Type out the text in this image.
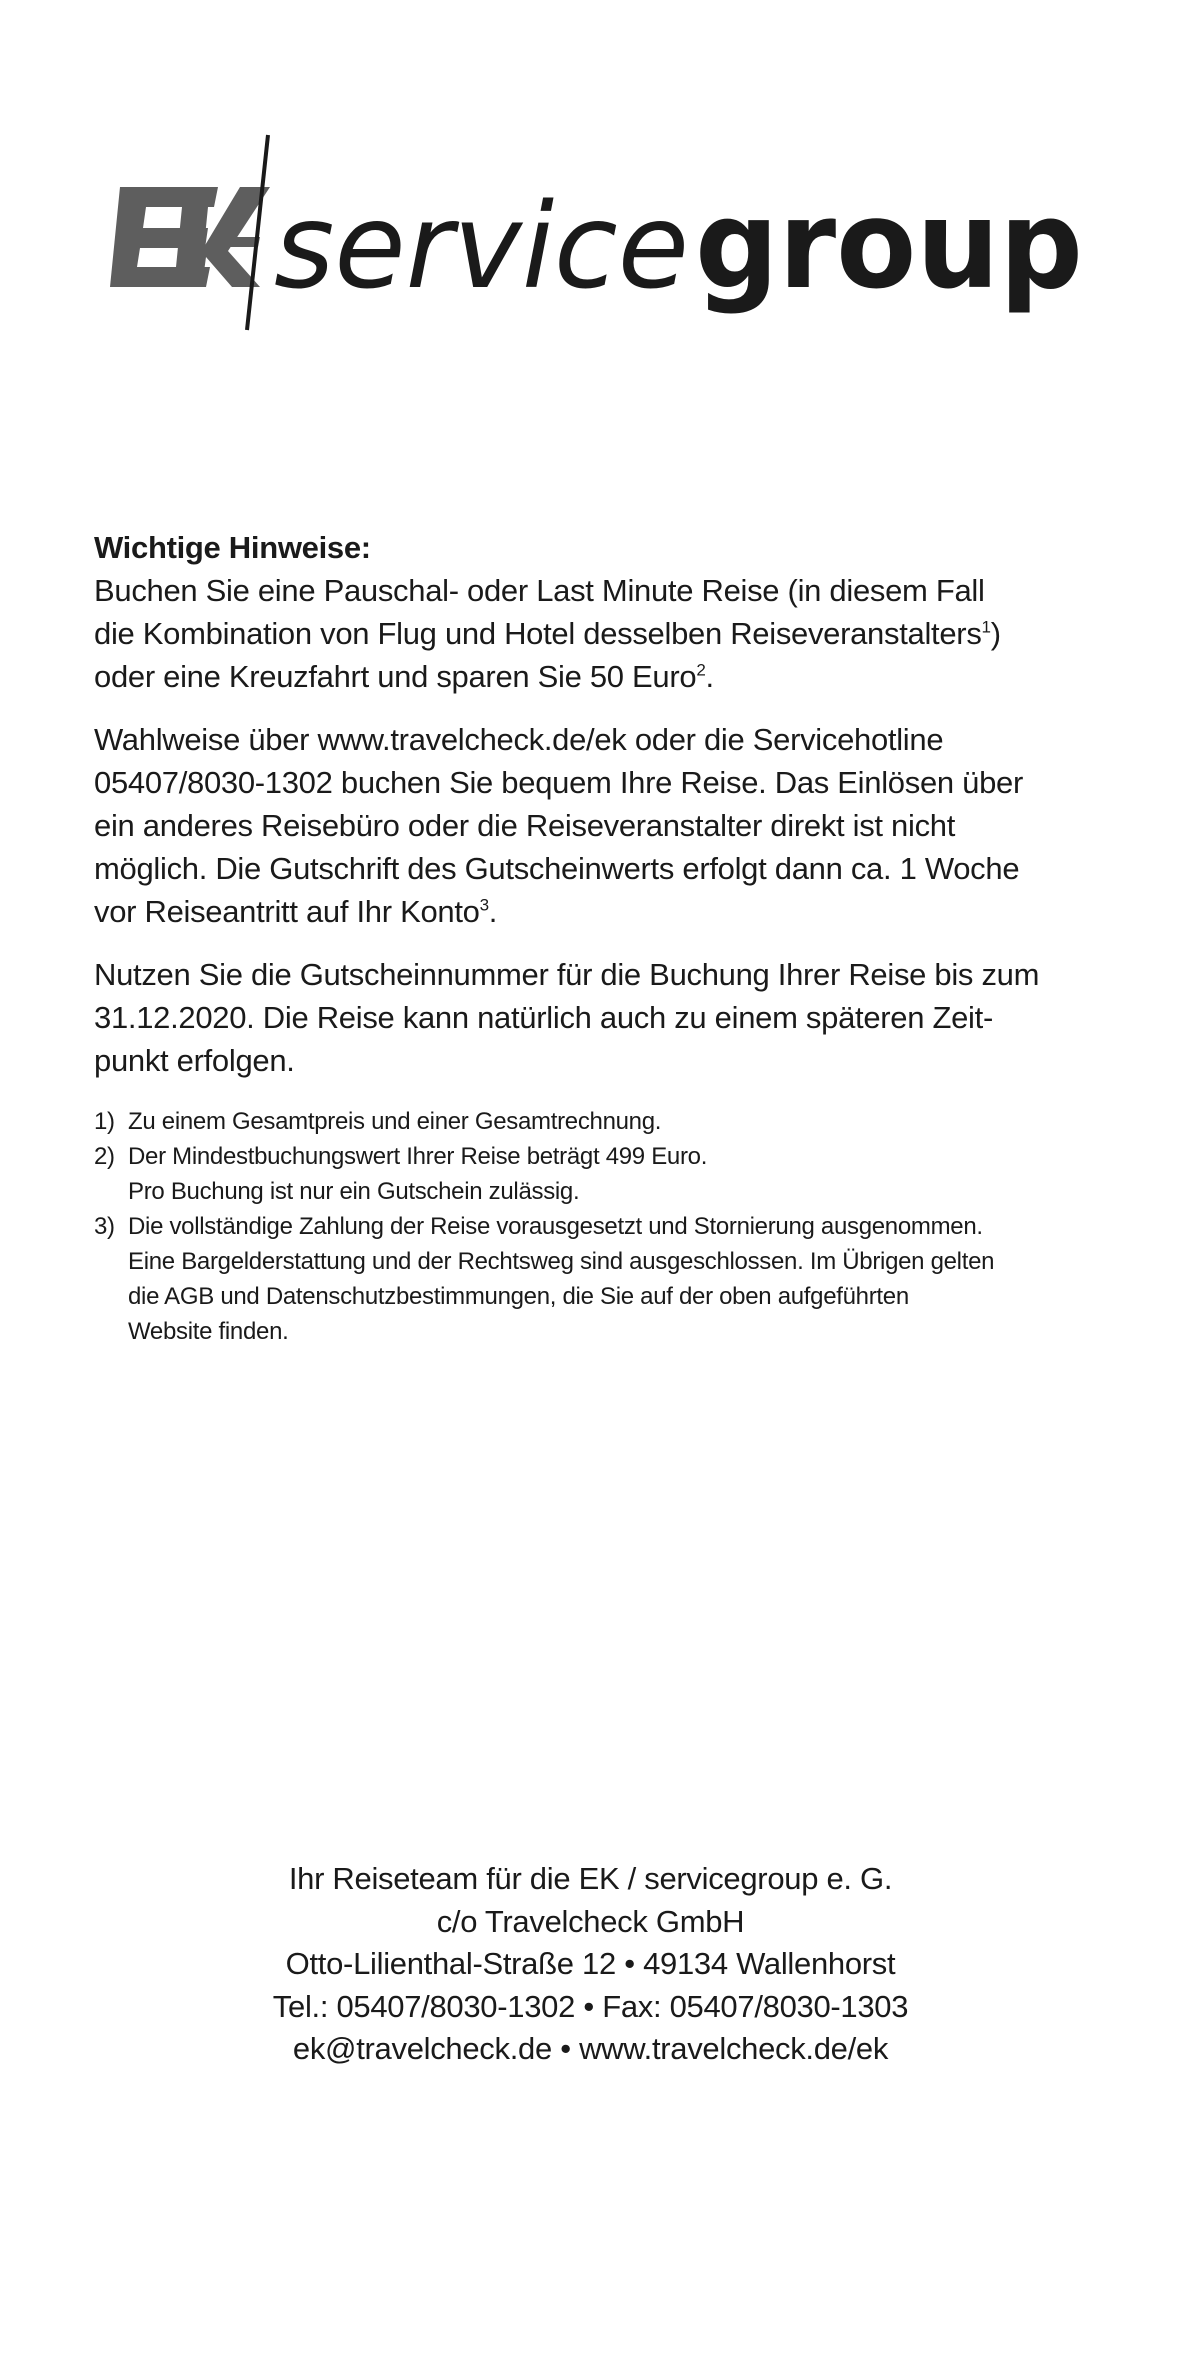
service group
Wichtige Hinweise:

Buchen Sie eine Pauschal- oder Last Minute Reise (in diesem Fall
die Kombination von Flug und Hotel desselben Reiseveranstalters$^1$)
oder eine Kreuzfahrt und sparen Sie 50 Euro$^2$.

Wahlweise über www.travelcheck.de/ek oder die Servicehotline
05407/8030-1302 buchen Sie bequem Ihre Reise. Das Einlösen über
ein anderes Reisebüro oder die Reiseveranstalter direkt ist nicht
möglich. Die Gutschrift des Gutscheinwerts erfolgt dann ca. 1 Woche
vor Reiseantritt auf Ihr Konto$^3$.

Nutzen Sie die Gutscheinnummer für die Buchung Ihrer Reise bis zum
31.12.2020. Die Reise kann natürlich auch zu einem späteren Zeit-
punkt erfolgen.

1) Zu einem Gesamtpreis und einer Gesamtrechnung.
2) Der Mindestbuchungswert Ihrer Reise beträgt 499 Euro.
Pro Buchung ist nur ein Gutschein zulässig.
3) Die vollständige Zahlung der Reise vorausgesetzt und Stornierung ausgenommen.
Eine Bargelderstattung und der Rechtsweg sind ausgeschlossen. Im Übrigen gelten
die AGB und Datenschutzbestimmungen, die Sie auf der oben aufgeführten
Website finden.
Ihr Reiseteam für die EK / servicegroup e. G.
c/o Travelcheck GmbH
Otto-Lilienthal-Straße 12 • 49134 Wallenhorst
Tel.: 05407/8030-1302 • Fax: 05407/8030-1303
ek@travelcheck.de • www.travelcheck.de/ek
